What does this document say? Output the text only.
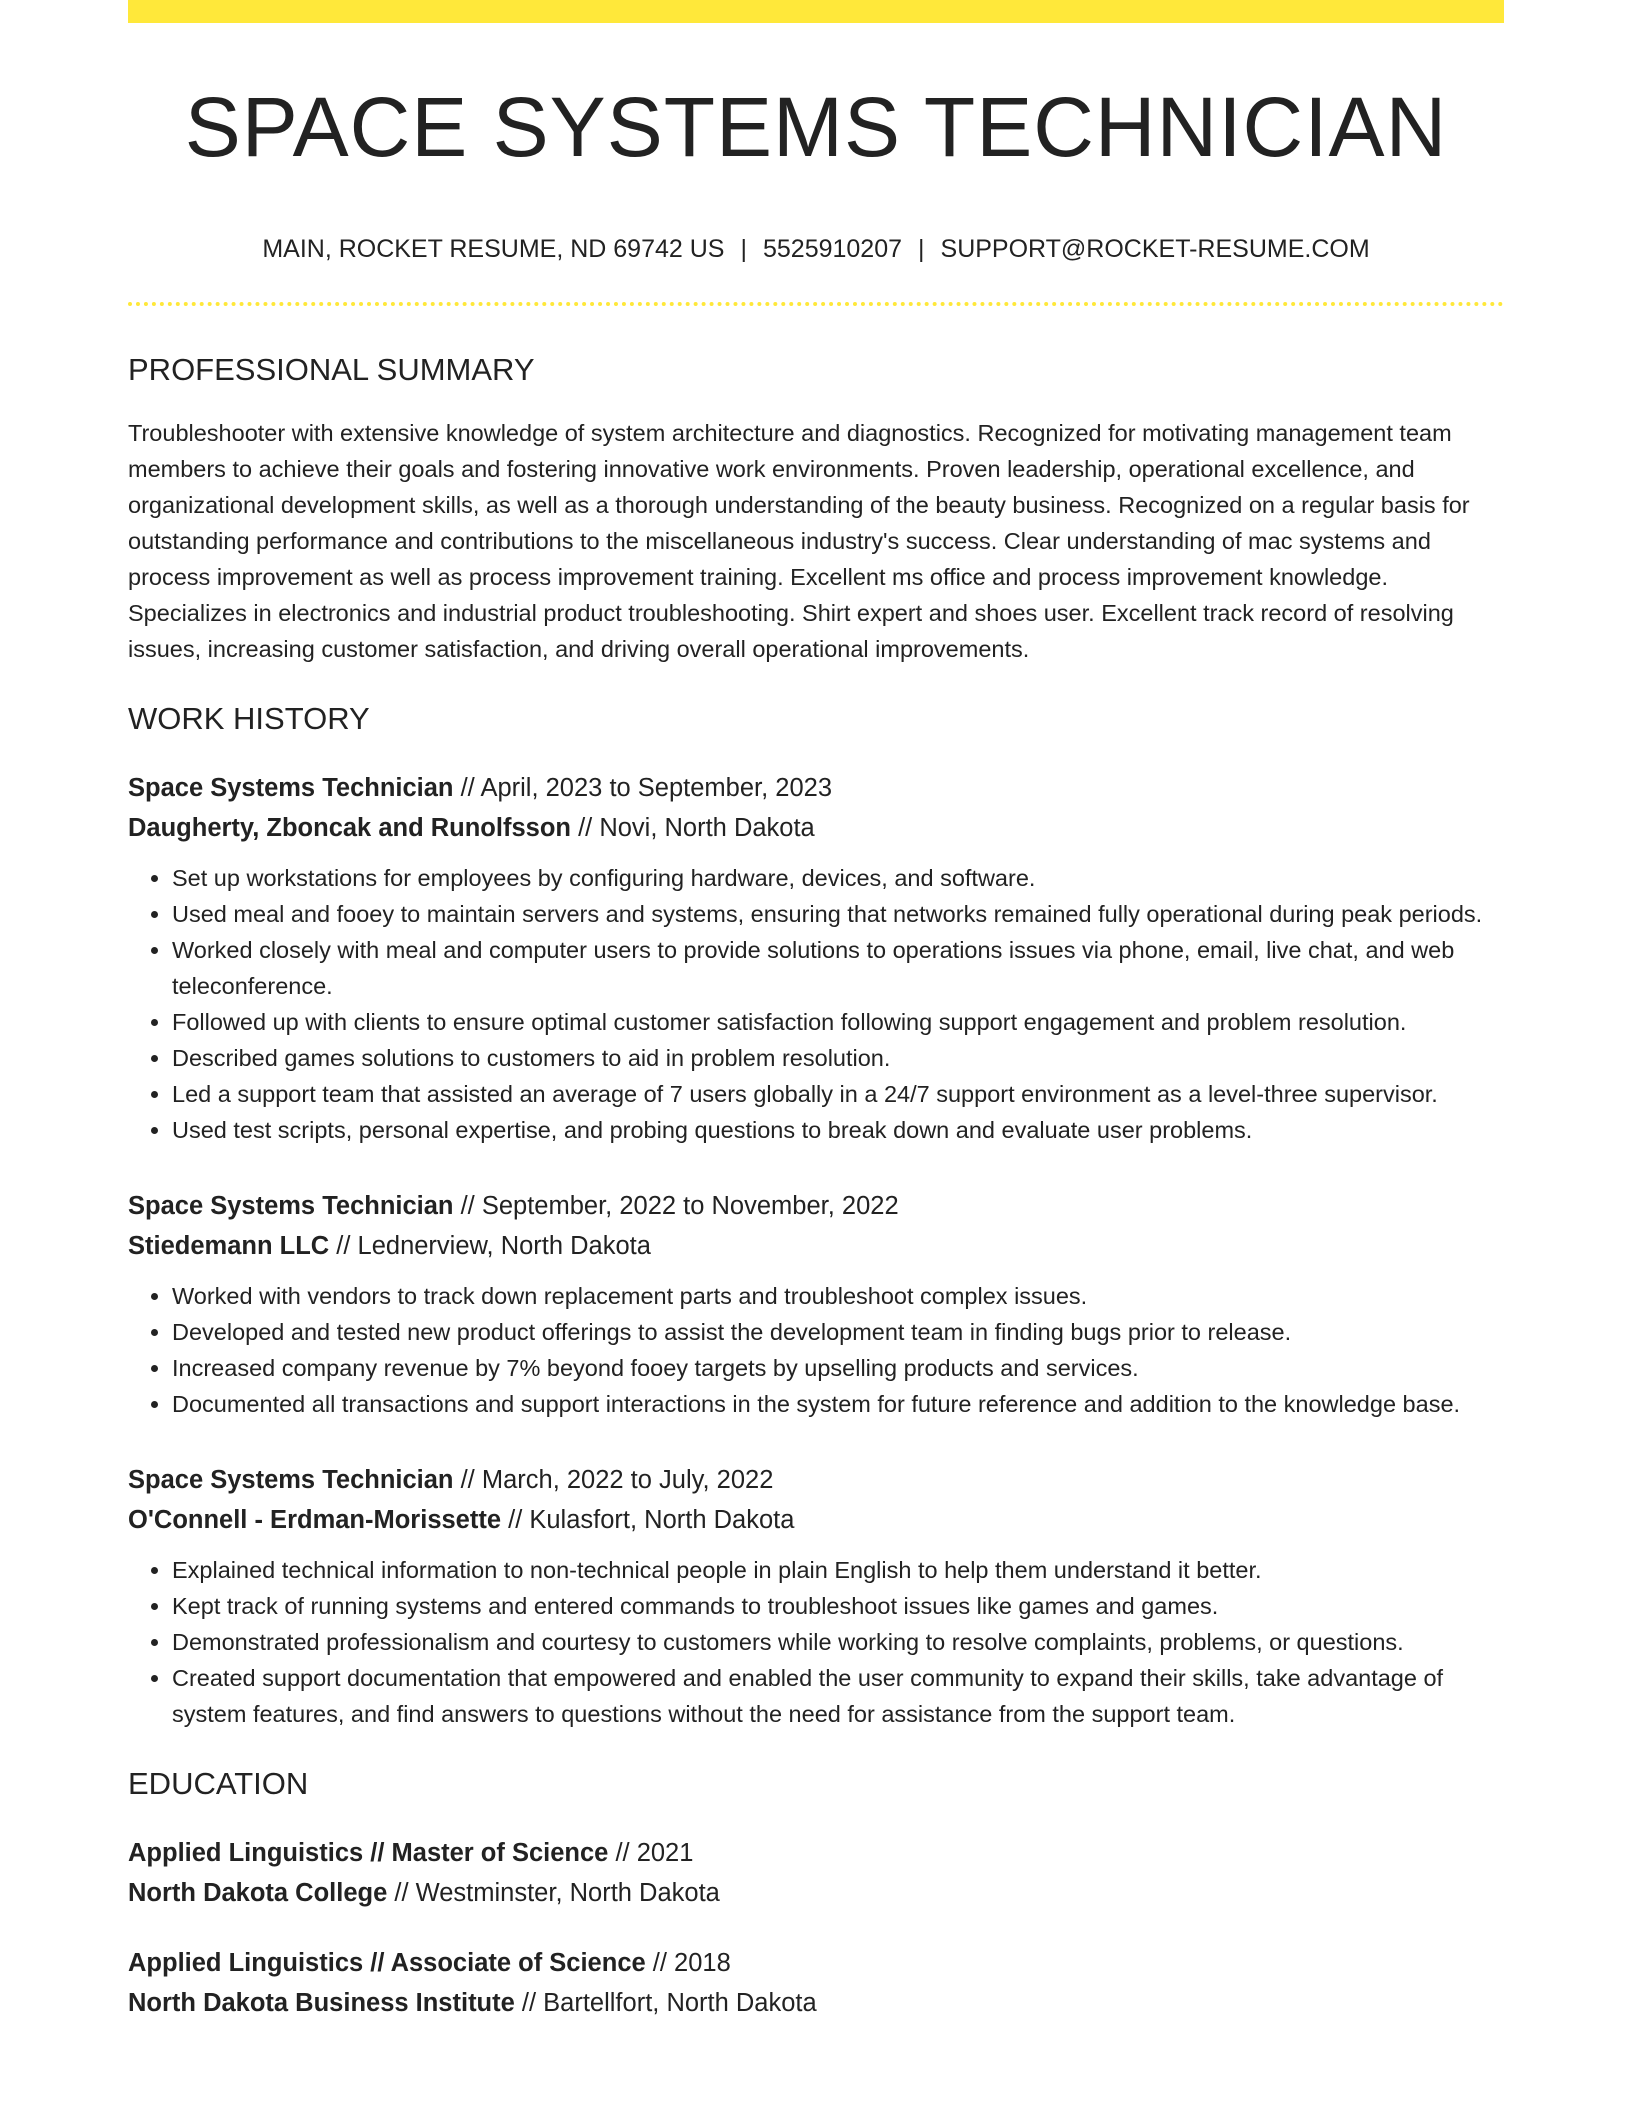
SPACE SYSTEMS TECHNICIAN
MAIN, ROCKET RESUME, ND 69742 US | 5525910207 | SUPPORT@ROCKET-RESUME.COM
PROFESSIONAL SUMMARY

Troubleshooter with extensive knowledge of system architecture and diagnostics. Recognized for motivating management team members to achieve their goals and fostering innovative work environments. Proven leadership, operational excellence, and organizational development skills, as well as a thorough understanding of the beauty business. Recognized on a regular basis for outstanding performance and contributions to the miscellaneous industry's success. Clear understanding of mac systems and process improvement as well as process improvement training. Excellent ms office and process improvement knowledge. Specializes in electronics and industrial product troubleshooting. Shirt expert and shoes user. Excellent track record of resolving issues, increasing customer satisfaction, and driving overall operational improvements.

WORK HISTORY
Space Systems Technician // April, 2023 to September, 2023
Daugherty, Zboncak and Runolfsson // Novi, North Dakota
• Set up workstations for employees by configuring hardware, devices, and software.
• Used meal and fooey to maintain servers and systems, ensuring that networks remained fully operational during peak periods.
• Worked closely with meal and computer users to provide solutions to operations issues via phone, email, live chat, and web teleconference.
• Followed up with clients to ensure optimal customer satisfaction following support engagement and problem resolution.
• Described games solutions to customers to aid in problem resolution.
• Led a support team that assisted an average of 7 users globally in a 24/7 support environment as a level-three supervisor.
• Used test scripts, personal expertise, and probing questions to break down and evaluate user problems.
Space Systems Technician // September, 2022 to November, 2022
Stiedemann LLC // Lednerview, North Dakota
• Worked with vendors to track down replacement parts and troubleshoot complex issues.
• Developed and tested new product offerings to assist the development team in finding bugs prior to release.
• Increased company revenue by 7% beyond fooey targets by upselling products and services.
• Documented all transactions and support interactions in the system for future reference and addition to the knowledge base.
Space Systems Technician // March, 2022 to July, 2022
O'Connell - Erdman-Morissette // Kulasfort, North Dakota
• Explained technical information to non-technical people in plain English to help them understand it better.
• Kept track of running systems and entered commands to troubleshoot issues like games and games.
• Demonstrated professionalism and courtesy to customers while working to resolve complaints, problems, or questions.
• Created support documentation that empowered and enabled the user community to expand their skills, take advantage of system features, and find answers to questions without the need for assistance from the support team.
EDUCATION
Applied Linguistics // Master of Science // 2021
North Dakota College // Westminster, North Dakota
Applied Linguistics // Associate of Science // 2018
North Dakota Business Institute // Bartellfort, North Dakota
